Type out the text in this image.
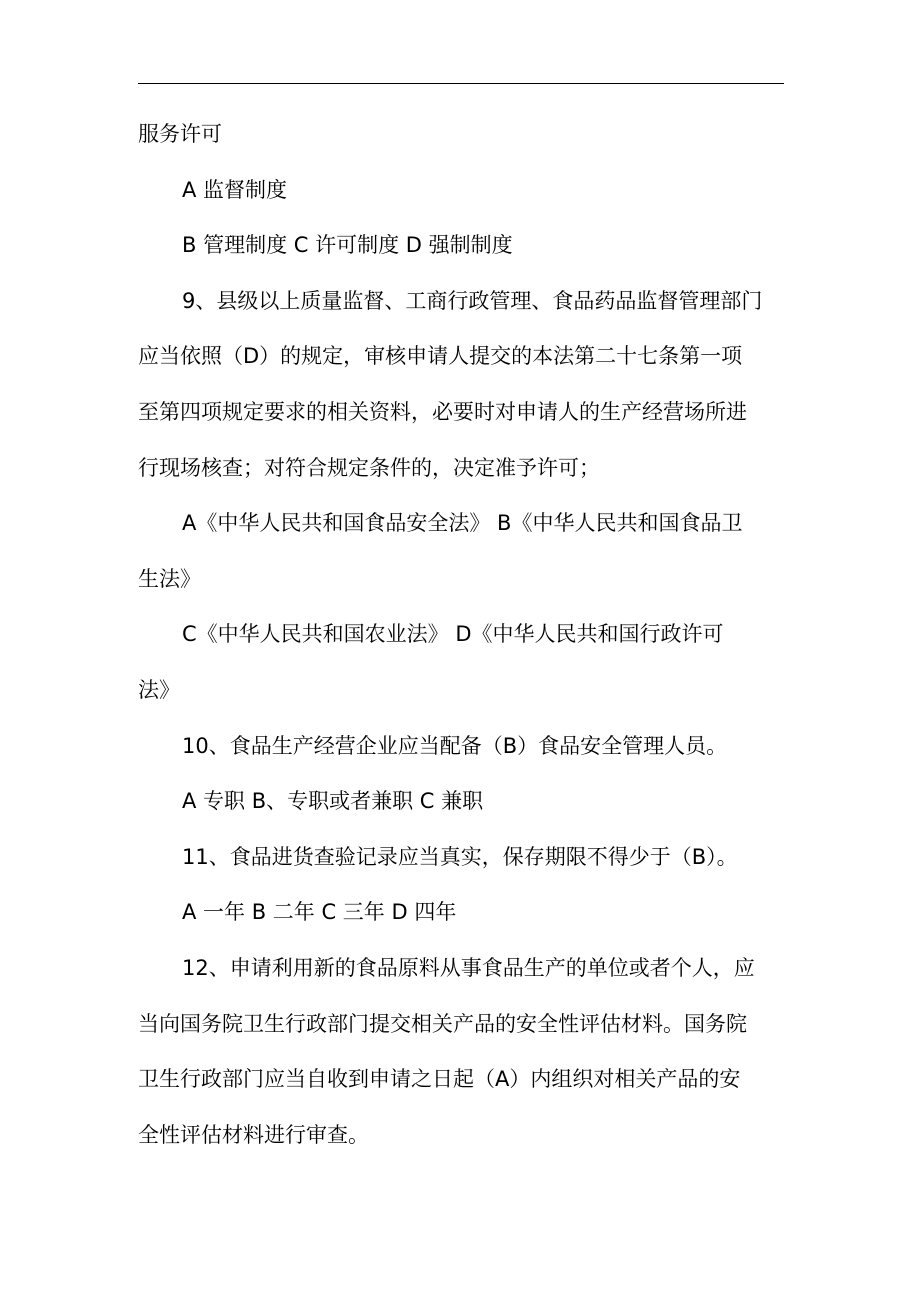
服务许可
A 监督制度
B 管理制度 C 许可制度 D 强制制度
9、县级以上质量监督、工商行政管理、食品药品监督管理部门
应当依照（D）的规定，审核申请人提交的本法第二十七条第一项
至第四项规定要求的相关资料，必要时对申请人的生产经营场所进
行现场核查；对符合规定条件的，决定准予许可；
A《中华人民共和国食品安全法》 B《中华人民共和国食品卫
生法》
C《中华人民共和国农业法》 D《中华人民共和国行政许可
法》
10、食品生产经营企业应当配备（B）食品安全管理人员。
A 专职 B、专职或者兼职 C 兼职
11、食品进货查验记录应当真实，保存期限不得少于（B）。
A 一年 B 二年 C 三年 D 四年
12、申请利用新的食品原料从事食品生产的单位或者个人，应
当向国务院卫生行政部门提交相关产品的安全性评估材料。国务院
卫生行政部门应当自收到申请之日起（A）内组织对相关产品的安
全性评估材料进行审查。
